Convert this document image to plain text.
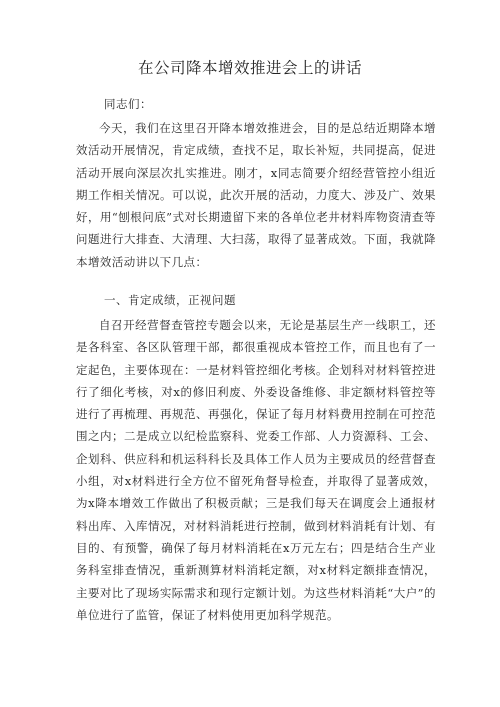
在公司降本增效推进会上的讲话
同志们：

今天，我们在这里召开降本增效推进会，目的是总结近期降本增效活动开展情况，肯定成绩，查找不足，取长补短，共同提高，促进活动开展向深层次扎实推进。刚才，x同志简要介绍经营管控小组近期工作相关情况。可以说，此次开展的活动，力度大、涉及广、效果好，用“刨根问底”式对长期遗留下来的各单位老井材料库物资清查等问题进行大排查、大清理、大扫荡，取得了显著成效。下面，我就降本增效活动讲以下几点：

一、肯定成绩，正视问题

自召开经营督查管控专题会以来，无论是基层生产一线职工，还是各科室、各区队管理干部，都很重视成本管控工作，而且也有了一定起色，主要体现在：一是材料管控细化考核。企划科对材料管控进行了细化考核，对x的修旧利废、外委设备维修、非定额材料管控等进行了再梳理、再规范、再强化，保证了每月材料费用控制在可控范围之内；二是成立以纪检监察科、党委工作部、人力资源科、工会、企划科、供应科和机运科科长及具体工作人员为主要成员的经营督查小组，对x材料进行全方位不留死角督导检查，并取得了显著成效，为x降本增效工作做出了积极贡献；三是我们每天在调度会上通报材料出库、入库情况，对材料消耗进行控制，做到材料消耗有计划、有目的、有预警，确保了每月材料消耗在x万元左右；四是结合生产业务科室排查情况，重新测算材料消耗定额，对x材料定额排查情况，主要对比了现场实际需求和现行定额计划。为这些材料消耗“大户”的单位进行了监管，保证了材料使用更加科学规范。
